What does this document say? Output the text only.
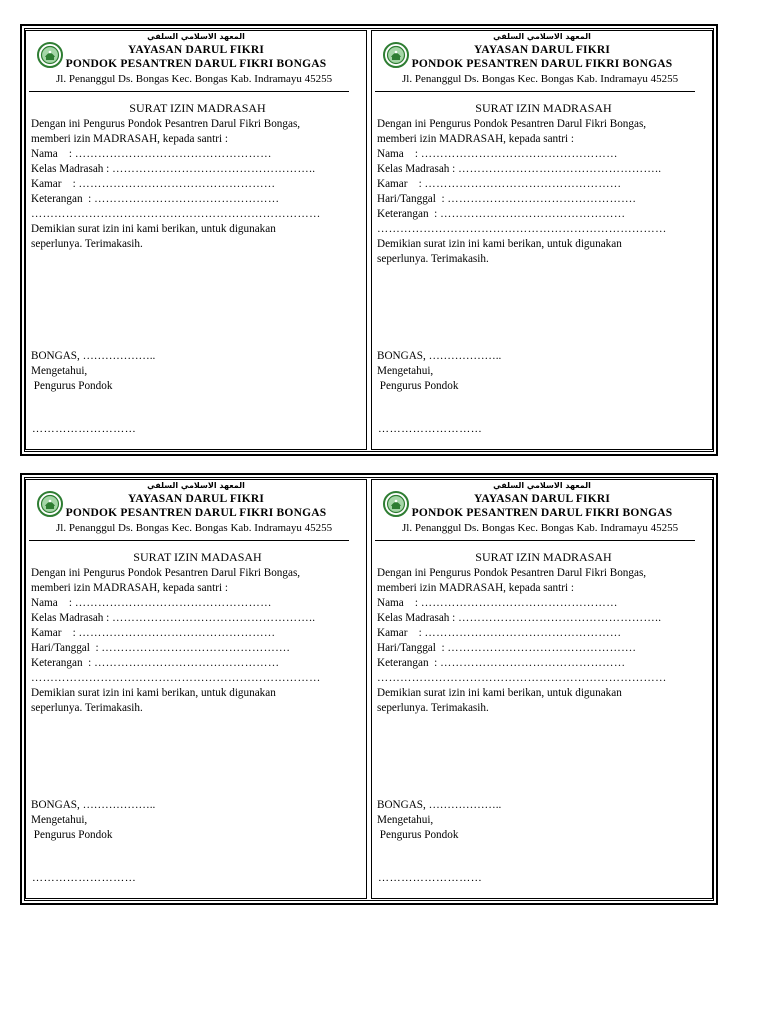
المعهد الاسلامي السلفي
YAYASAN DARUL FIKRI
PONDOK PESANTREN DARUL FIKRI BONGAS
Jl. Penanggul Ds. Bongas Kec. Bongas Kab. Indramayu 45255
SURAT IZIN MADRASAH
Dengan ini Pengurus Pondok Pesantren Darul Fikri Bongas,
memberi izin MADRASAH, kepada santri :
Nama    : ……………………………………………
Kelas Madrasah : ……………………………………………..
Kamar    : ……………………………………………
Keterangan  : …………………………………………
…………………………………………………………………
Demikian surat izin ini kami berikan, untuk digunakan
seperlunya. Terimakasih.
BONGAS, ………………..
Mengetahui,
Pengurus Pondok
………………………
المعهد الاسلامي السلفي
YAYASAN DARUL FIKRI
PONDOK PESANTREN DARUL FIKRI BONGAS
Jl. Penanggul Ds. Bongas Kec. Bongas Kab. Indramayu 45255
SURAT IZIN MADRASAH
Dengan ini Pengurus Pondok Pesantren Darul Fikri Bongas,
memberi izin MADRASAH, kepada santri :
Nama    : ……………………………………………
Kelas Madrasah : ……………………………………………..
Kamar    : ……………………………………………
Hari/Tanggal  : ………………………………………….
Keterangan  : …………………………………………
…………………………………………………………………
Demikian surat izin ini kami berikan, untuk digunakan
seperlunya. Terimakasih.
BONGAS, ………………..
Mengetahui,
Pengurus Pondok
………………………
المعهد الاسلامي السلفي
YAYASAN DARUL FIKRI
PONDOK PESANTREN DARUL FIKRI BONGAS
Jl. Penanggul Ds. Bongas Kec. Bongas Kab. Indramayu 45255
SURAT IZIN MADASAH
Dengan ini Pengurus Pondok Pesantren Darul Fikri Bongas,
memberi izin MADRASAH, kepada santri :
Nama    : ……………………………………………
Kelas Madrasah : ……………………………………………..
Kamar    : ……………………………………………
Hari/Tanggal  : ………………………………………….
Keterangan  : …………………………………………
…………………………………………………………………
Demikian surat izin ini kami berikan, untuk digunakan
seperlunya. Terimakasih.
BONGAS, ………………..
Mengetahui,
Pengurus Pondok
………………………
المعهد الاسلامي السلفي
YAYASAN DARUL FIKRI
PONDOK PESANTREN DARUL FIKRI BONGAS
Jl. Penanggul Ds. Bongas Kec. Bongas Kab. Indramayu 45255
SURAT IZIN MADRASAH
Dengan ini Pengurus Pondok Pesantren Darul Fikri Bongas,
memberi izin MADRASAH, kepada santri :
Nama    : ……………………………………………
Kelas Madrasah : ……………………………………………..
Kamar    : ……………………………………………
Hari/Tanggal  : ………………………………………….
Keterangan  : …………………………………………
…………………………………………………………………
Demikian surat izin ini kami berikan, untuk digunakan
seperlunya. Terimakasih.
BONGAS, ………………..
Mengetahui,
Pengurus Pondok
………………………
